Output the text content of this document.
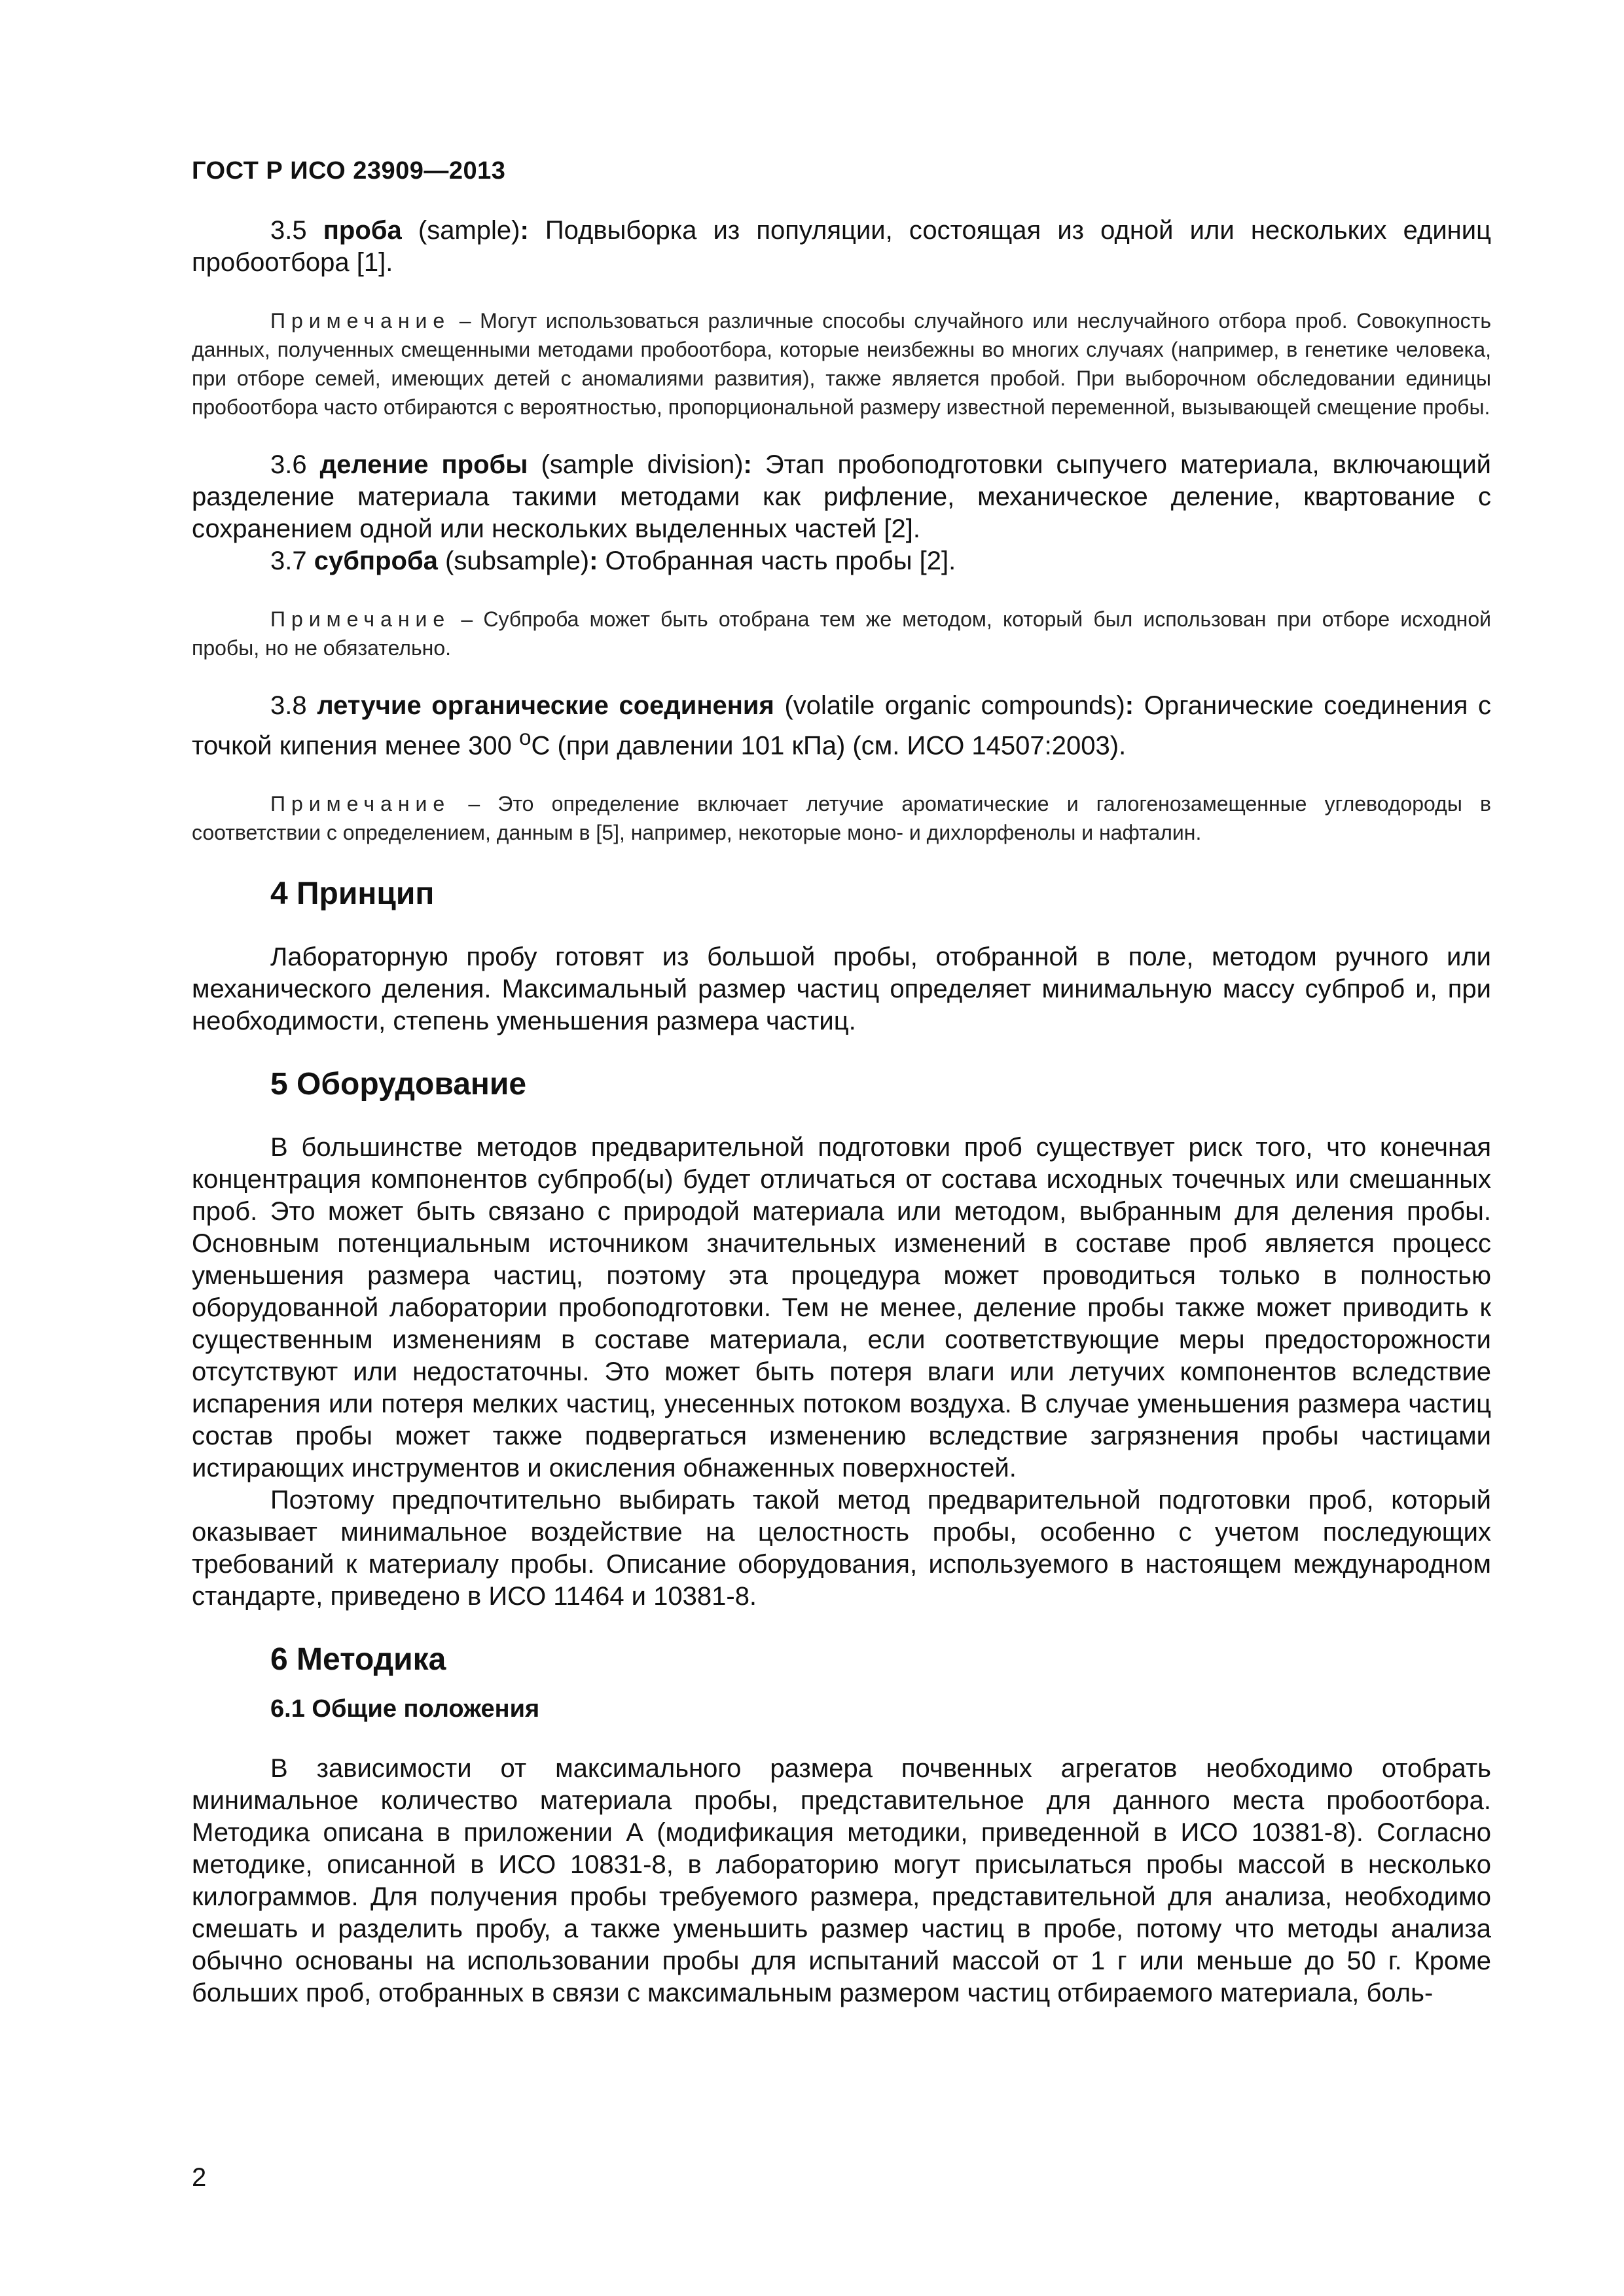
ГОСТ Р ИСО 23909—2013

3.5 проба (sample): Подвыборка из популяции, состоящая из одной или нескольких единиц пробоотбора [1].

Примечание – Могут использоваться различные способы случайного или неслучайного отбора проб. Совокупность данных, полученных смещенными методами пробоотбора, которые неизбежны во многих случаях (например, в генетике человека, при отборе семей, имеющих детей с аномалиями развития), также является пробой. При выборочном обследовании единицы пробоотбора часто отбираются с вероятностью, пропорциональной размеру известной переменной, вызывающей смещение пробы.

3.6 деление пробы (sample division): Этап пробоподготовки сыпучего материала, включающий разделение материала такими методами как рифление, механическое деление, квартование с сохранением одной или нескольких выделенных частей [2].

3.7 субпроба (subsample): Отобранная часть пробы [2].

Примечание – Субпроба может быть отобрана тем же методом, который был использован при отборе исходной пробы, но не обязательно.

3.8 летучие органические соединения (volatile organic compounds): Органические соединения с точкой кипения менее 300 $^o$С (при давлении 101 кПа) (см. ИСО 14507:2003).

Примечание – Это определение включает летучие ароматические и галогенозамещенные углеводороды в соответствии с определением, данным в [5], например, некоторые моно- и дихлорфенолы и нафталин.

4 Принцип

Лабораторную пробу готовят из большой пробы, отобранной в поле, методом ручного или механического деления. Максимальный размер частиц определяет минимальную массу субпроб и, при необходимости, степень уменьшения размера частиц.

5 Оборудование

В большинстве методов предварительной подготовки проб существует риск того, что конечная концентрация компонентов субпроб(ы) будет отличаться от состава исходных точечных или смешанных проб. Это может быть связано с природой материала или методом, выбранным для деления пробы. Основным потенциальным источником значительных изменений в составе проб является процесс уменьшения размера частиц, поэтому эта процедура может проводиться только в полностью оборудованной лаборатории пробоподготовки. Тем не менее, деление пробы также может приводить к существенным изменениям в составе материала, если соответствующие меры предосторожности отсутствуют или недостаточны. Это может быть потеря влаги или летучих компонентов вследствие испарения или потеря мелких частиц, унесенных потоком воздуха. В случае уменьшения размера частиц состав пробы может также подвергаться изменению вследствие загрязнения пробы частицами истирающих инструментов и окисления обнаженных поверхностей.

Поэтому предпочтительно выбирать такой метод предварительной подготовки проб, который оказывает минимальное воздействие на целостность пробы, особенно с учетом последующих требований к материалу пробы. Описание оборудования, используемого в настоящем международном стандарте, приведено в ИСО 11464 и 10381-8.

6 Методика
6.1 Общие положения

В зависимости от максимального размера почвенных агрегатов необходимо отобрать минимальное количество материала пробы, представительное для данного места пробоотбора. Методика описана в приложении А (модификация методики, приведенной в ИСО 10381-8). Согласно методике, описанной в ИСО 10831-8, в лабораторию могут присылаться пробы массой в несколько килограммов. Для получения пробы требуемого размера, представительной для анализа, необходимо смешать и разделить пробу, а также уменьшить размер частиц в пробе, потому что методы анализа обычно основаны на использовании пробы для испытаний массой от 1 г или меньше до 50 г. Кроме больших проб, отобранных в связи с максимальным размером частиц отбираемого материала, боль-

2
